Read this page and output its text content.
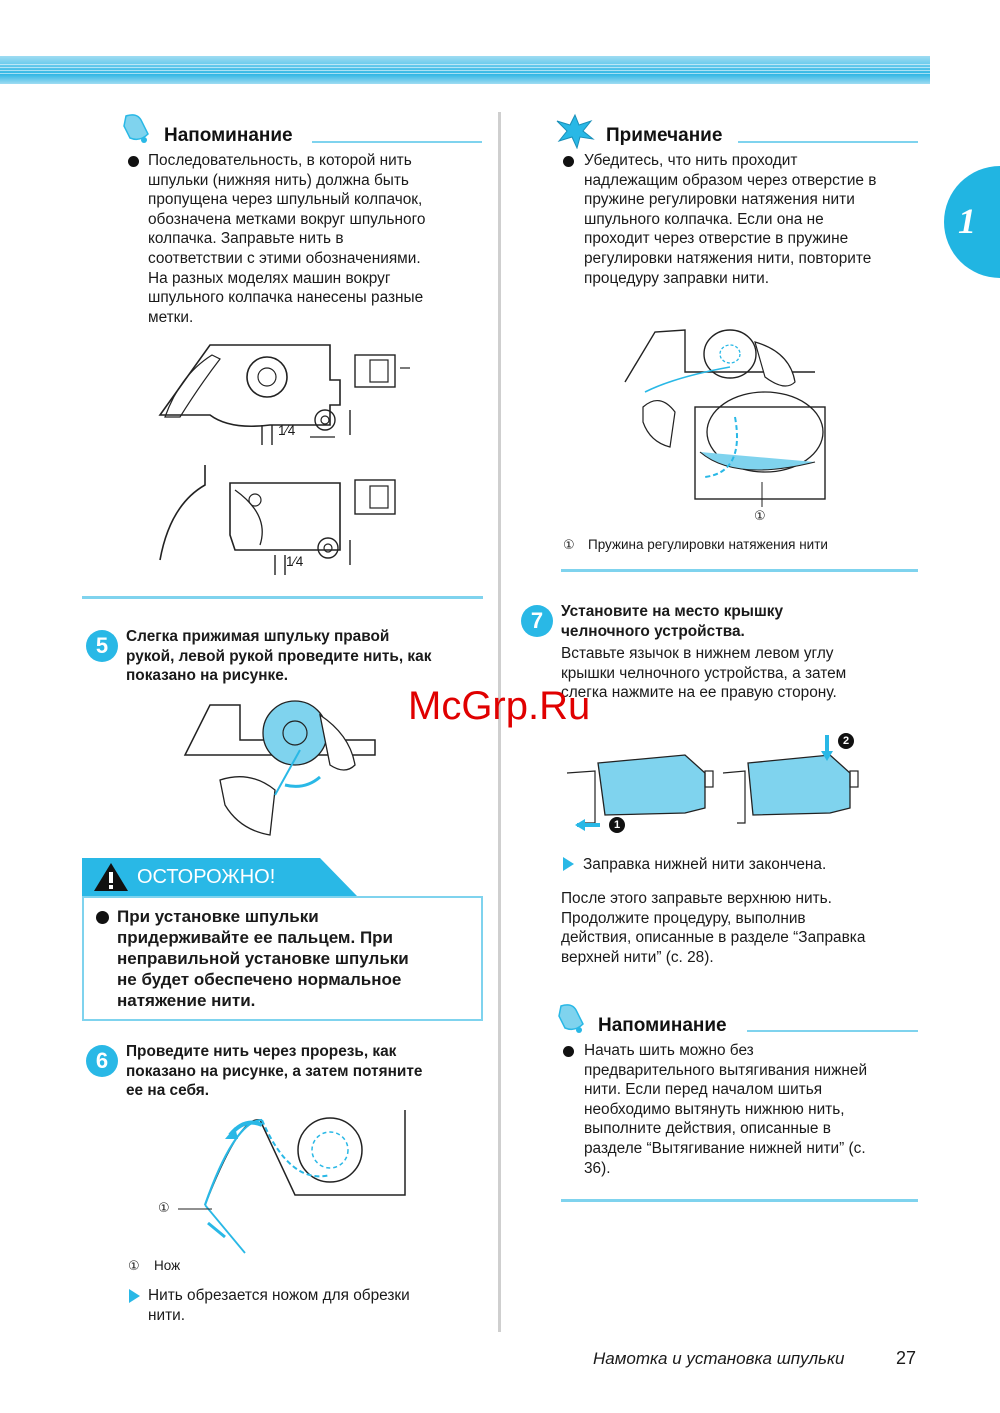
1
Напоминание
Последовательность, в которой нить
шпульки (нижняя нить) должна быть
пропущена через шпульный колпачок,
обозначена метками вокруг шпульного
колпачка. Заправьте нить в
соответствии с этими обозначениями.
На разных моделях машин вокруг
шпульного колпачка нанесены разные
метки.
1⁄4
1⁄4
5	Слегка прижимая шпульку правой
рукой, левой рукой проведите нить, как
показано на рисунке.
ОСТОРОЖНО!
При установке шпульки
придерживайте ее пальцем. При
неправильной установке шпульки
не будет обеспечено нормальное
натяжение нити.
6	Проведите нить через прорезь, как
показано на рисунке, а затем потяните
ее на себя.
①
① Нож
Нить обрезается ножом для обрезки
нити.
Примечание
Убедитесь, что нить проходит
надлежащим образом через отверстие в
пружине регулировки натяжения нити
шпульного колпачка. Если она не
проходит через отверстие в пружине
регулировки натяжения нити, повторите
процедуру заправки нити.
①
① Пружина регулировки натяжения нити
7	Установите на место крышку
челночного устройства.
Вставьте язычок в нижнем левом углу
крышки челночного устройства, а затем
слегка нажмите на ее правую сторону.
1
2
Заправка нижней нити закончена.
После этого заправьте верхнюю нить.
Продолжите процедуру, выполнив
действия, описанные в разделе “Заправка
верхней нити” (с. 28).
Напоминание
Начать шить можно без
предварительного вытягивания нижней
нити. Если перед началом шитья
необходимо вытянуть нижнюю нить,
выполните действия, описанные в
разделе “Вытягивание нижней нити” (с.
36).
Намотка и установка шпульки	27
McGrp.Ru
